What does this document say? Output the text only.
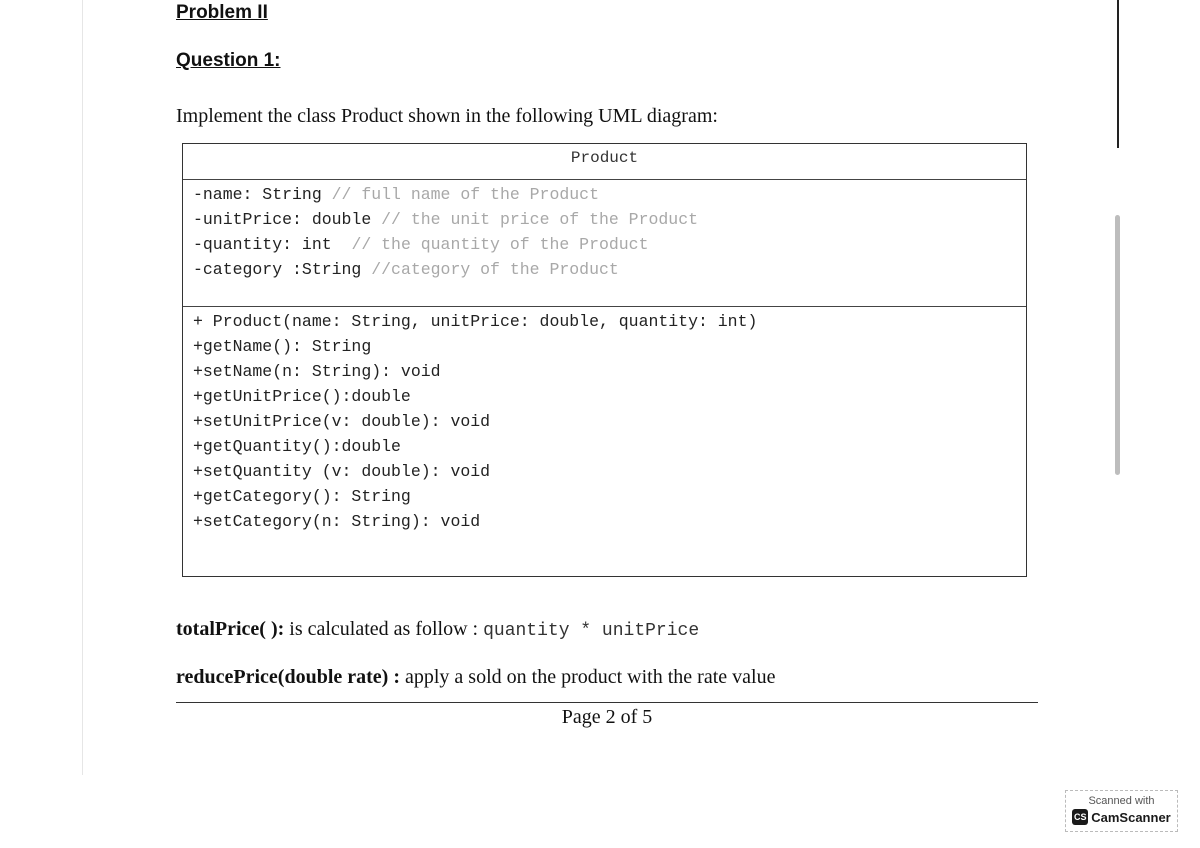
Problem II
Question 1:
Implement the class Product shown in the following UML diagram:
Product
-name: String // full name of the Product
-unitPrice: double // the unit price of the Product
-quantity: int  // the quantity of the Product
-category :String //category of the Product
+ Product(name: String, unitPrice: double, quantity: int)
+getName(): String
+setName(n: String): void
+getUnitPrice():double
+setUnitPrice(v: double): void
+getQuantity():double
+setQuantity (v: double): void
+getCategory(): String
+setCategory(n: String): void
totalPrice( ): is calculated as follow : quantity * unitPrice
reducePrice(double rate) : apply a sold on the product with the rate value
Page 2 of 5
Scanned with
CS CamScanner
